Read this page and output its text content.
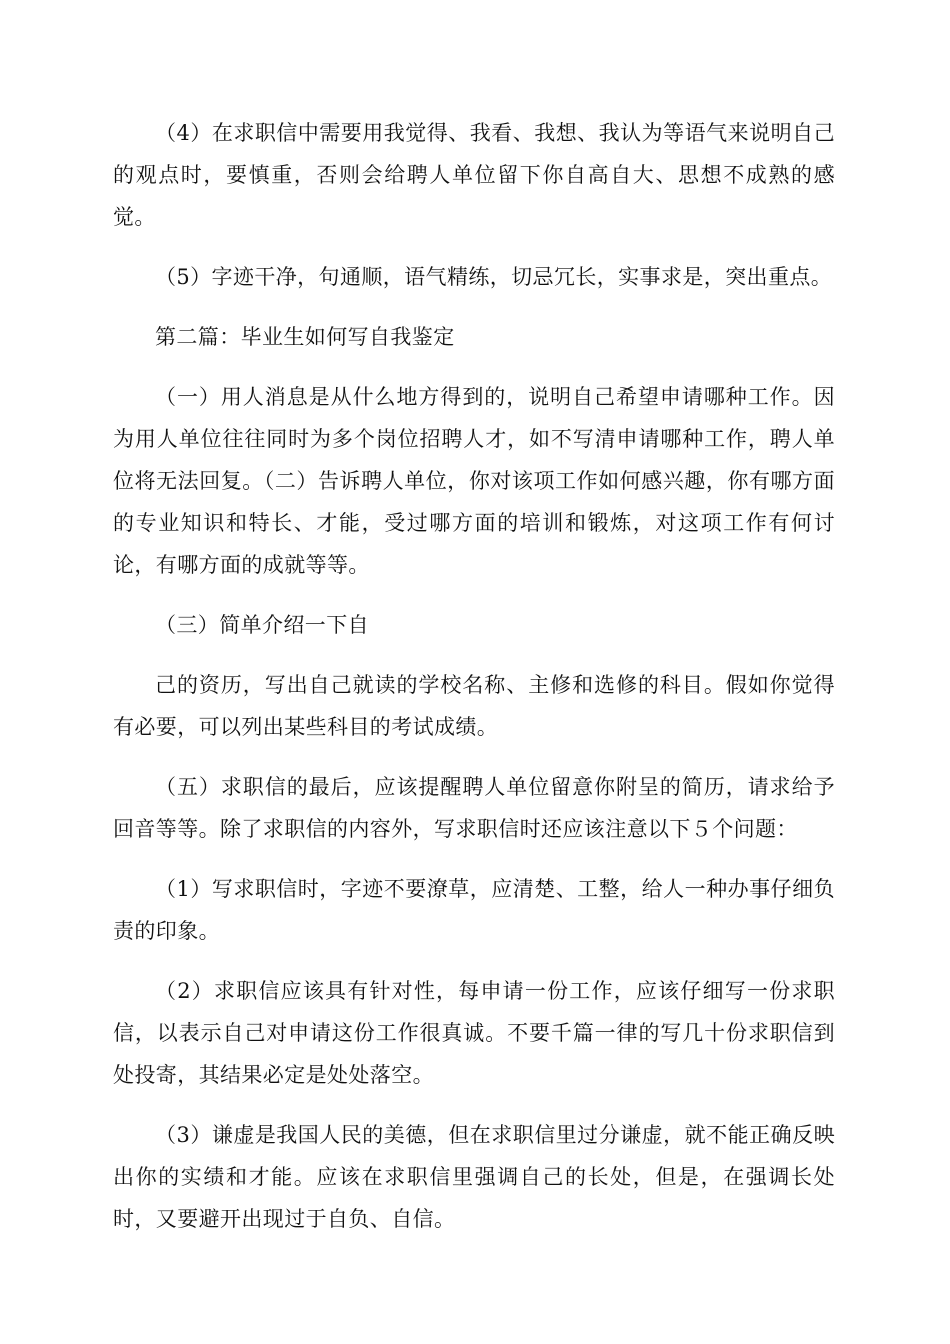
（4）在求职信中需要用我觉得、我看、我想、我认为等语气来说明自己的观点时，要慎重，否则会给聘人单位留下你自高自大、思想不成熟的感觉。

（5）字迹干净，句通顺，语气精练，切忌冗长，实事求是，突出重点。

第二篇：毕业生如何写自我鉴定

（一）用人消息是从什么地方得到的，说明自己希望申请哪种工作。因为用人单位往往同时为多个岗位招聘人才，如不写清申请哪种工作，聘人单位将无法回复。（二）告诉聘人单位，你对该项工作如何感兴趣，你有哪方面的专业知识和特长、才能，受过哪方面的培训和锻炼，对这项工作有何讨论，有哪方面的成就等等。

（三）简单介绍一下自

己的资历，写出自己就读的学校名称、主修和选修的科目。假如你觉得有必要，可以列出某些科目的考试成绩。

（五）求职信的最后，应该提醒聘人单位留意你附呈的简历，请求给予回音等等。除了求职信的内容外，写求职信时还应该注意以下５个问题：

（1）写求职信时，字迹不要潦草，应清楚、工整，给人一种办事仔细负责的印象。

（2）求职信应该具有针对性，每申请一份工作，应该仔细写一份求职信，以表示自己对申请这份工作很真诚。不要千篇一律的写几十份求职信到处投寄，其结果必定是处处落空。

（3）谦虚是我国人民的美德，但在求职信里过分谦虚，就不能正确反映出你的实绩和才能。应该在求职信里强调自己的长处，但是，在强调长处时，又要避开出现过于自负、自信。
